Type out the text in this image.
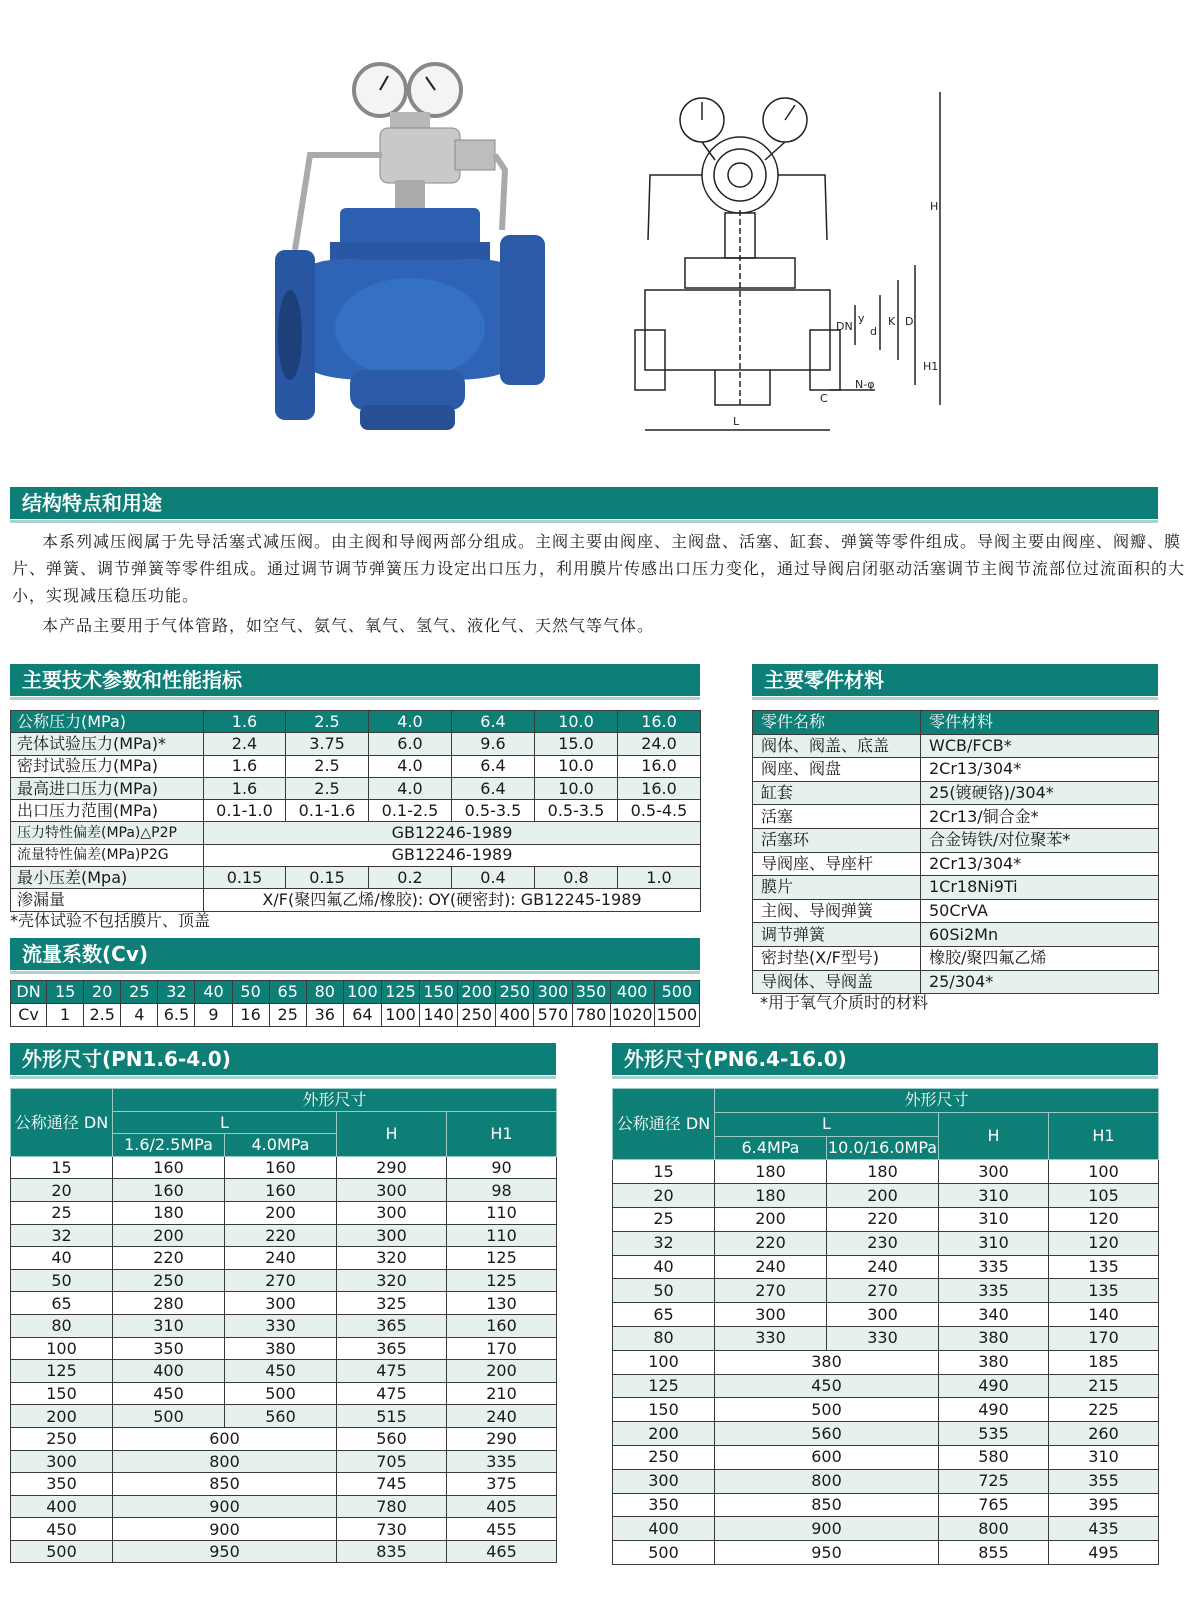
H
H1
D
K
d
y
DN
C
N-φ
L
结构特点和用途
本系列减压阀属于先导活塞式减压阀。由主阀和导阀两部分组成。主阀主要由阀座、主阀盘、活塞、缸套、弹簧等零件组成。导阀主要由阀座、阀瓣、膜片、弹簧、调节弹簧等零件组成。通过调节调节弹簧压力设定出口压力，利用膜片传感出口压力变化，通过导阀启闭驱动活塞调节主阀节流部位过流面积的大小，实现减压稳压功能。
本产品主要用于气体管路，如空气、氨气、氧气、氢气、液化气、天然气等气体。
主要技术参数和性能指标
公称压力(MPa)	1.6	2.5	4.0	6.4	10.0	16.0
壳体试验压力(MPa)*	2.4	3.75	6.0	9.6	15.0	24.0
密封试验压力(MPa)	1.6	2.5	4.0	6.4	10.0	16.0
最高进口压力(MPa)	1.6	2.5	4.0	6.4	10.0	16.0
出口压力范围(MPa)	0.1-1.0	0.1-1.6	0.1-2.5	0.5-3.5	0.5-3.5	0.5-4.5
压力特性偏差(MPa)△P2P	GB12246-1989					
流量特性偏差(MPa)P2G	GB12246-1989					
最小压差(Mpa)	0.15	0.15	0.2	0.4	0.8	1.0
渗漏量	X/F(聚四氟乙烯/橡胶): OY(硬密封): GB12245-1989					
*壳体试验不包括膜片、顶盖
主要零件材料
零件名称	零件材料
阀体、阀盖、底盖	WCB/FCB*
阀座、阀盘	2Cr13/304*
缸套	25(镀硬铬)/304*
活塞	2Cr13/铜合金*
活塞环	合金铸铁/对位聚苯*
导阀座、导座杆	2Cr13/304*
膜片	1Cr18Ni9Ti
主阀、导阀弹簧	50CrVA
调节弹簧	60Si2Mn
密封垫(X/F型号)	橡胶/聚四氟乙烯
导阀体、导阀盖	25/304*
*用于氧气介质时的材料
流量系数(Cv)
DN	15	20	25	32	40	50	65	80	100	125	150	200	250	300	350	400	500
Cv	1	2.5	4	6.5	9	16	25	36	64	100	140	250	400	570	780	1020	1500
外形尺寸(PN1.6-4.0)
公称通径 DN	外形尺寸			
	L		H	H1
	1.6/2.5MPa	4.0MPa		
15	160	160	290	90
20	160	160	300	98
25	180	200	300	110
32	200	220	300	110
40	220	240	320	125
50	250	270	320	125
65	280	300	325	130
80	310	330	365	160
100	350	380	365	170
125	400	450	475	200
150	450	500	475	210
200	500	560	515	240
250	600		560	290
300	800		705	335
350	850		745	375
400	900		780	405
450	900		730	455
500	950		835	465
外形尺寸(PN6.4-16.0)
公称通径 DN	外形尺寸			
	L		H	H1
	6.4MPa	10.0/16.0MPa		
15	180	180	300	100
20	180	200	310	105
25	200	220	310	120
32	220	230	310	120
40	240	240	335	135
50	270	270	335	135
65	300	300	340	140
80	330	330	380	170
100	380		380	185
125	450		490	215
150	500		490	225
200	560		535	260
250	600		580	310
300	800		725	355
350	850		765	395
400	900		800	435
500	950		855	495
